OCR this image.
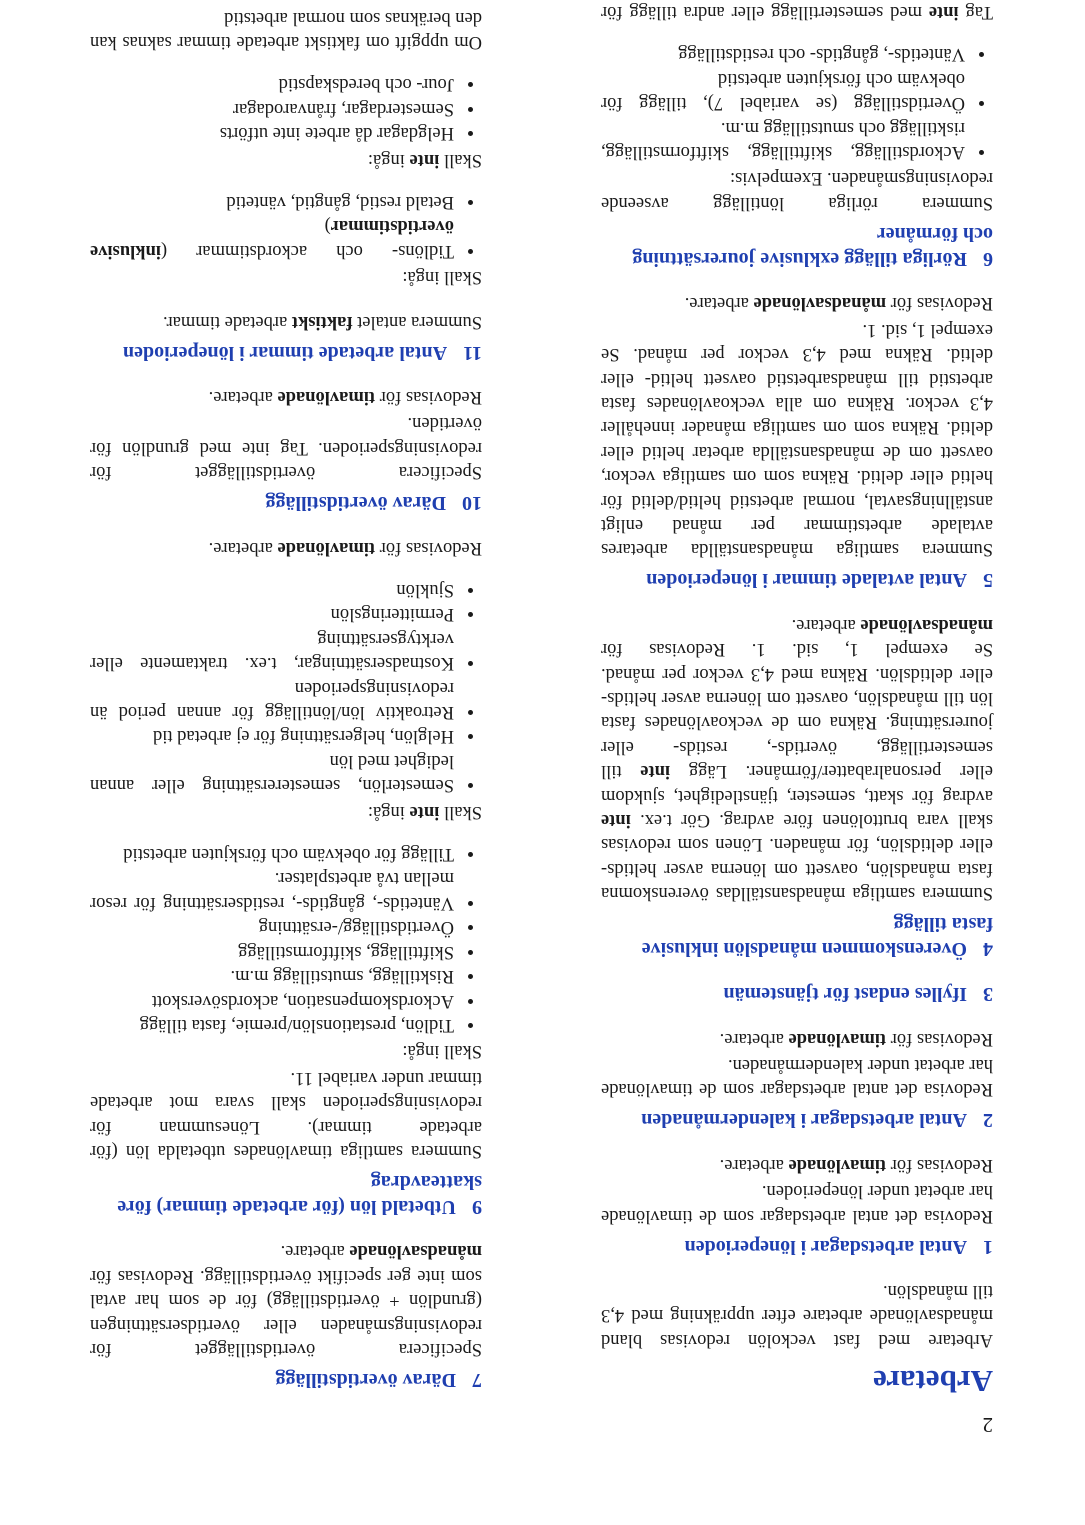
2
Arbetare

Arbetare med fast veckolön redovisas bland månadsavlönade arbetare efter uppräkning med 4,3 till månadslön.

1Antal arbetsdagar i löneperioden

Redovisa det antal arbetsdagar som de timavlönade har arbetat under löneperioden.

Redovisas för timavlönade arbetare.

2Antal arbetsdagar i kalendermånaden

Redovisa det antal arbetsdagar som de timavlönade har arbetat under kalendermånaden.

Redovisas för timavlönade arbetare.

3Ifylles endast för tjänstemän
4Överenskommen månadslön inklusive fasta tillägg

Summera samtliga månadsanställdas överenskomna fasta månadslön, oavsett om lönerna avser heltids- eller deltidslön, för månaden. Lönen som redovisas skall vara bruttolönen före avdrag. Gör t.ex. inte avdrag för skatt, semester, tjänstledighet, sjukdom eller personalrabatter/förmåner. Lägg inte till semestertillägg, övertids-, restids- eller jourersättning. Räkna om de veckoavlönades fasta lön till månadslön, oavsett om lönerna avser heltids- eller deltidslön. Räkna med 4,3 veckor per månad. Se exempel 1, sid. 1. Redovisas för månadsavlönade arbetare.

5Antal avtalade timmar i löneperioden

Summera samtliga månadsanställda arbetares avtalade arbetstimmar per månad enligt anställningsavtal, normal arbetstid heltid/deltid för heltid eller deltid. Räkna som om samtliga veckor, oavsett om de månadsanställda arbetar heltid eller deltid. Räkna som om samtliga månader innehåller 4,3 veckor. Räkna om alla veckoavlönades fasta arbetstid till månadsarbetstid oavsett heltid- eller deltid. Räkna med 4,3 veckor per månad. Se exempel 1, sid. 1.

Redovisas för månadsavlönade arbetare.

6Rörliga tillägg exklusive jourersättning och förmåner

Summera rörliga löntillägg avseende redovisningsmånaden. Exempelvis:

• Ackordstillägg, skifttillägg, skiftformstillägg, risktillägg och smutstillägg m.m.
• Övertidstillägg (se variabel 7), tillägg för obekväm och förskjuten arbetstid
• Väntetids-, gångtids- och restidstillägg

Tag inte med semestertillägg eller andra tillägg för

7Därav övertidstillägg

Specificera övertidstillägget för redovisningsmånaden eller övertidsersättningen (grundlön + övertidstillägg) för de som har avtal som inte ger specifikt övertidstillägg. Redovisas för månadsavlönade arbetare.

9Utbetald lön (för arbetade timmar) före skatteavdrag

Summera samtliga timavlönades utbetalda lön (för arbetade timmar). Lönesumman för redovisningsperioden skall svara mot arbetade timmar under variabel 11.

Skall ingå:

• Tidlön, prestationslön/premie, fasta tillägg
• Ackordskompensation, ackordsöverskott
• Risktillägg, smutstillägg m.m.
• Skifttillägg, skiftformstillägg
• Övertidstillägg/-ersättning
• Väntetids-, gångtids-, restidsersättning för resor mellan två arbetsplatser.
• Tillägg för obekväm och förskjuten arbetstid

Skall inte ingå:

• Semesterlön, semesterersättning eller annan ledighet med lön
• Helglön, helgersättning för ej arbetad tid
• Retroaktiv lön/löntillägg för annan period än redovisningsperioden
• Kostnadsersättningar, t.ex. traktamente eller verktygsersättning
• Permitteringslön
• Sjuklön

Redovisas för timavlönade arbetare.

10Därav övertidstillägg

Specificera övertidstillägget för redovisningsperioden. Tag inte med grundlön för övertiden.

Redovisas för timavlönade arbetare.

11Antal arbetade timmar i löneperioden

Summera antalet faktiskt arbetade timmar.

Skall ingå:

• Tidlöns- och ackordstimmar (inklusive övertidstimmar)
• Betald restid, gångtid, väntetid

Skall inte ingå:

• Helgdagar då arbete inte utförts
• Semesterdagar, frånvarodagar
• Jour- och beredskapstid

Om uppgift om faktiskt arbetade timmar saknas kan den beräknas som normal arbetstid
